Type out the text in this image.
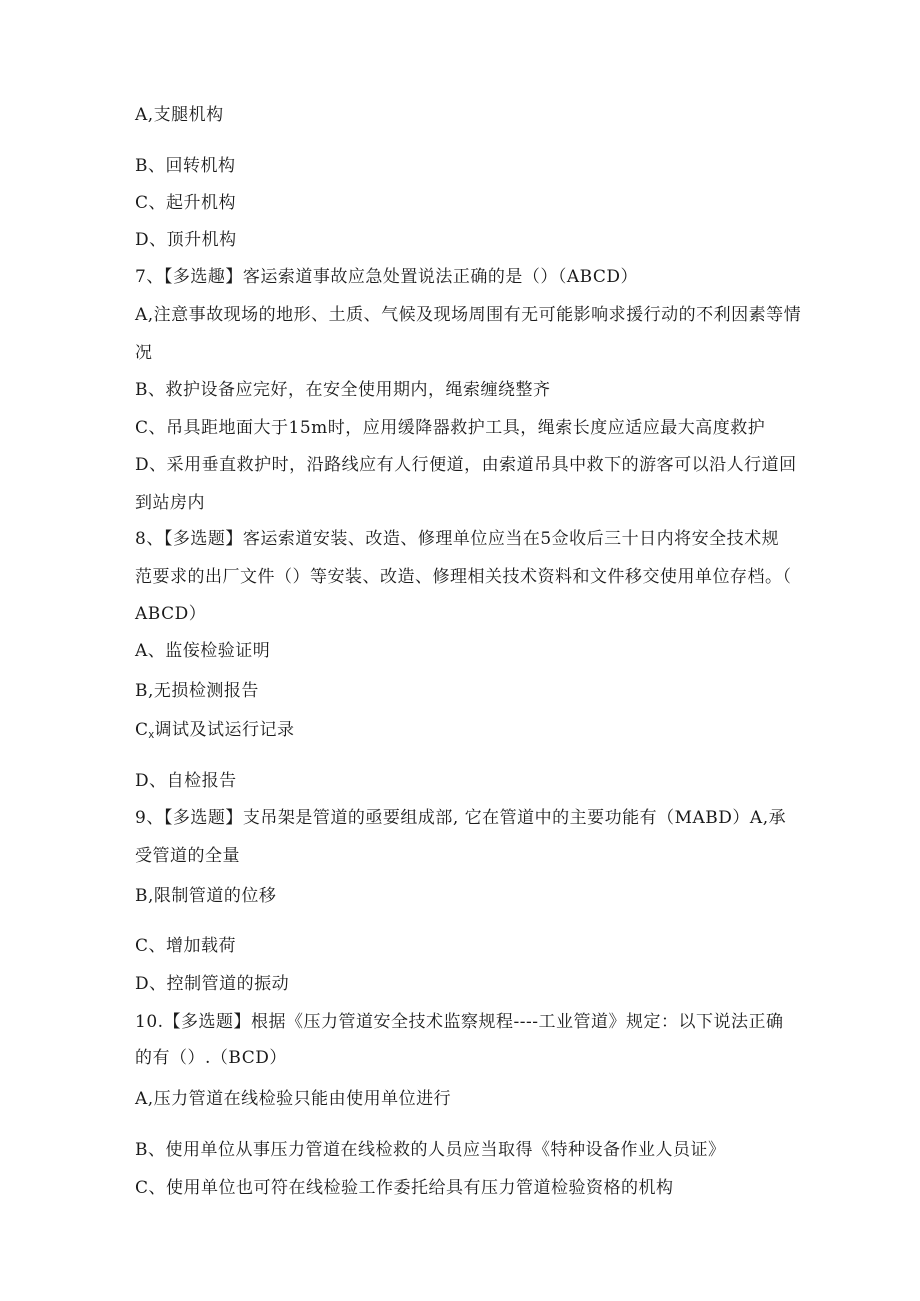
A,支腿机构
B、回转机构
C、起升机构
D、顶升机构
7、【多选趣】客运索道事故应急处置说法正确的是（）（ABCD）
A,注意事故现场的地形、土质、气候及现场周围有无可能影响求援行动的不利因素等情
况
B、救护设备应完好，在安全使用期内，绳索缠绕整齐
C、吊具距地面大于15m时，应用缓降器救护工具，绳索长度应适应最大高度救护
D、采用垂直救护时，沿路线应有人行便道，由索道吊具中救下的游客可以沿人行道回
到站房内
8、【多选题】客运索道安装、改造、修理单位应当在5佥收后三十日内将安全技术规
范要求的出厂文件（）等安装、改造、修理相关技术资料和文件移交使用单位存档。（
ABCD）
A、监侫检验证明
B,无损检测报告
$C_x$调试及试运行记录
D、自检报告
9、【多选题】支吊架是管道的亟要组成部, 它在管道中的主要功能有（MABD）A,承
受管道的全量
B,限制管道的位移
C、增加载荷
D、控制管道的振动
10.【多选题】根据《压力管道安全技术监察规程----工业管道》规定：以下说法正确
的有（）.（BCD）
A,压力管道在线检验只能由使用单位进行
B、使用单位从事压力管道在线检救的人员应当取得《特种设备作业人员证》
C、使用单位也可符在线检验工作委托给具有压力管道检验资格的机构
